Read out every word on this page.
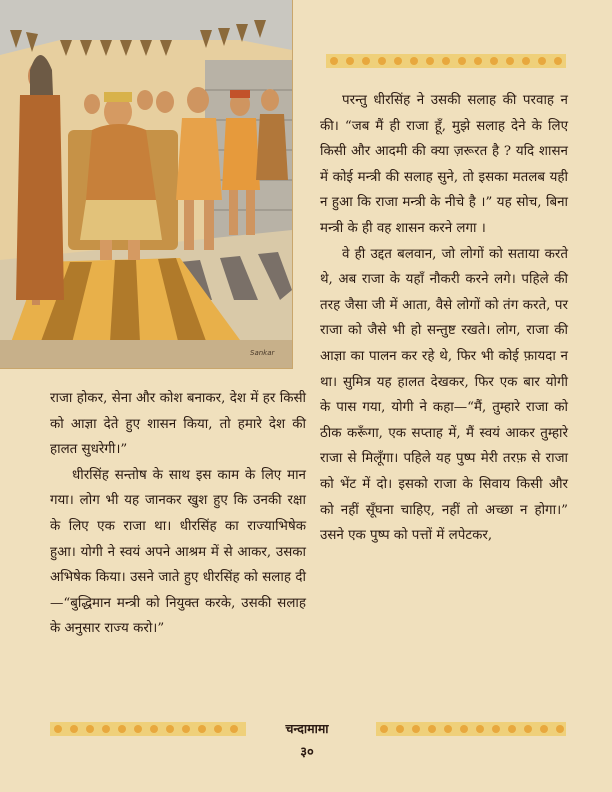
Sankar

परन्तु धीरसिंह ने उसकी सलाह की परवाह न की। “जब मैं ही राजा हूँ, मुझे सलाह देने के लिए किसी और आदमी की क्या ज़रूरत है ? यदि शासन में कोई मन्त्री की सलाह सुने, तो इसका मतलब यही न हुआ कि राजा मन्त्री के नीचे है ।” यह सोच, बिना मन्त्री के ही वह शासन करने लगा ।

वे ही उद्दत बलवान, जो लोगों को सताया करते थे, अब राजा के यहाँ नौकरी करने लगे। पहिले की तरह जैसा जी में आता, वैसे लोगों को तंग करते, पर राजा को जैसे भी हो सन्तुष्ट रखते। लोग, राजा की आज्ञा का पालन कर रहे थे, फिर भी कोई फ़ायदा न था। सुमित्र यह हालत देखकर, फिर एक बार योगी के पास गया, योगी ने कहा—“मैं, तुम्हारे राजा को ठीक करूँगा, एक सप्ताह में, मैं स्वयं आकर तुम्हारे राजा से मिलूँगा। पहिले यह पुष्प मेरी तरफ़ से राजा को भेंट में दो। इसको राजा के सिवाय किसी और को नहीं सूँघना चाहिए, नहीं तो अच्छा न होगा।” उसने एक पुष्प को पत्तों में लपेटकर,

राजा होकर, सेना और कोश बनाकर, देश में हर किसी को आज्ञा देते हुए शासन किया, तो हमारे देश की हालत सुधरेगी।”

धीरसिंह सन्तोष के साथ इस काम के लिए मान गया। लोग भी यह जानकर खुश हुए कि उनकी रक्षा के लिए एक राजा था। धीरसिंह का राज्याभिषेक हुआ। योगी ने स्वयं अपने आश्रम में से आकर, उसका अभिषेक किया। उसने जाते हुए धीरसिंह को सलाह दी—“बुद्धिमान मन्त्री को नियुक्त करके, उसकी सलाह के अनुसार राज्य करो।”

चन्दामामा
३०
